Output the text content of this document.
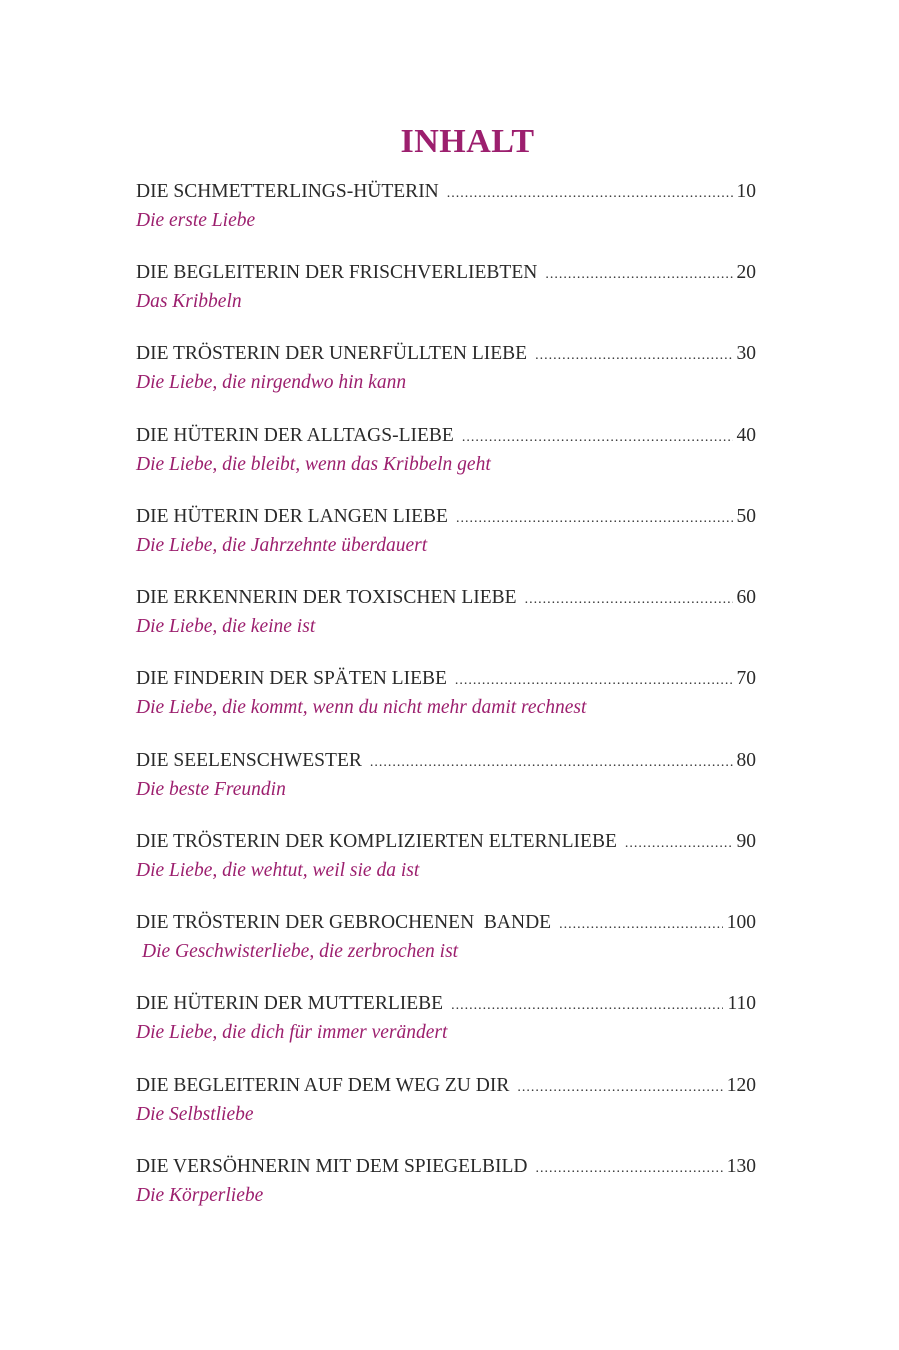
INHALT
DIE SCHMETTERLINGS-HÜTERIN .....	10
Die erste Liebe
DIE BEGLEITERIN DER FRISCHVERLIEBTEN .....	20
Das Kribbeln
DIE TRÖSTERIN DER UNERFÜLLTEN LIEBE .....	30
Die Liebe, die nirgendwo hin kann
DIE HÜTERIN DER ALLTAGS-LIEBE .....	40
Die Liebe, die bleibt, wenn das Kribbeln geht
DIE HÜTERIN DER LANGEN LIEBE .....	50
Die Liebe, die Jahrzehnte überdauert
DIE ERKENNERIN DER TOXISCHEN LIEBE .....	60
Die Liebe, die keine ist
DIE FINDERIN DER SPÄTEN LIEBE .....	70
Die Liebe, die kommt, wenn du nicht mehr damit rechnest
DIE SEELENSCHWESTER .....	80
Die beste Freundin
DIE TRÖSTERIN DER KOMPLIZIERTEN ELTERNLIEBE .....	90
Die Liebe, die wehtut, weil sie da ist
DIE TRÖSTERIN DER GEBROCHENEN  BANDE .....	100
Die Geschwisterliebe, die zerbrochen ist
DIE HÜTERIN DER MUTTERLIEBE .....	110
Die Liebe, die dich für immer verändert
DIE BEGLEITERIN AUF DEM WEG ZU DIR .....	120
Die Selbstliebe
DIE VERSÖHNERIN MIT DEM SPIEGELBILD .....	130
Die Körperliebe
